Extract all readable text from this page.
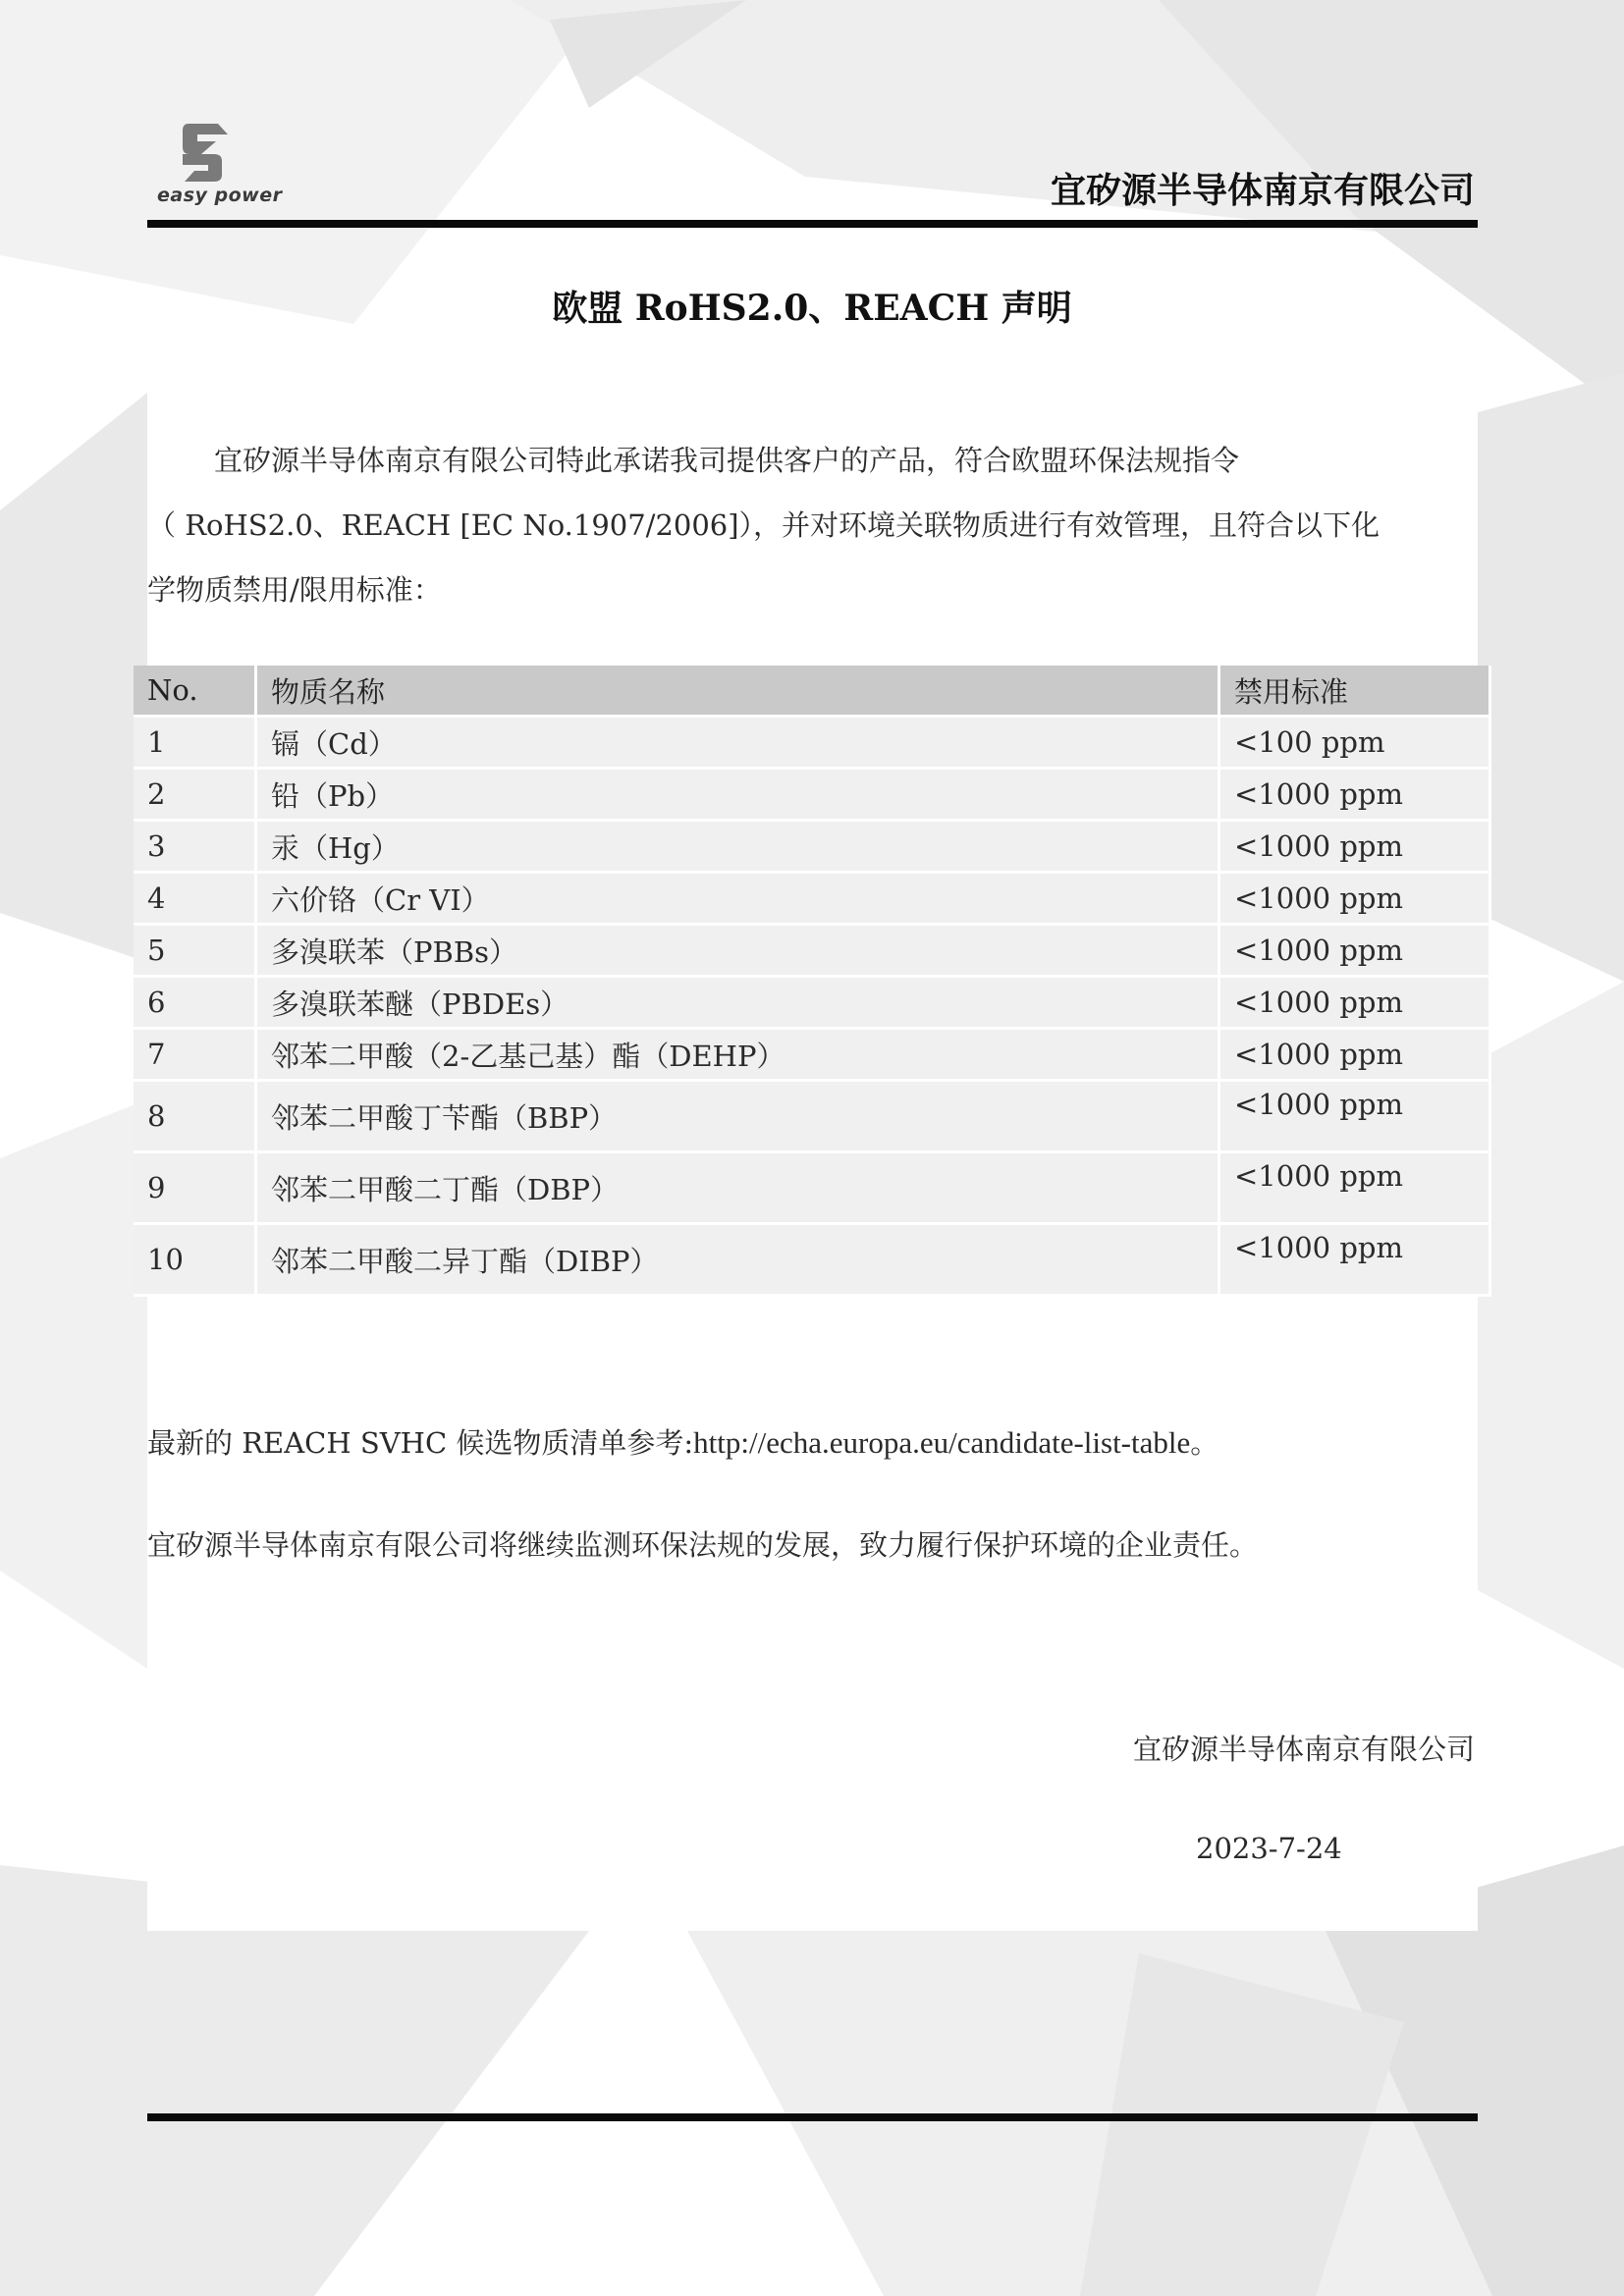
easy power	宜矽源半导体南京有限公司
欧盟 RoHS2.0、REACH 声明

宜矽源半导体南京有限公司特此承诺我司提供客户的产品，符合欧盟环保法规指令

（ RoHS2.0、REACH [EC No.1907/2006]），并对环境关联物质进行有效管理，且符合以下化

学物质禁用/限用标准：

No.	物质名称	禁用标准
1	镉（Cd）	<100 ppm
2	铅（Pb）	<1000 ppm
3	汞（Hg）	<1000 ppm
4	六价铬（Cr VI）	<1000 ppm
5	多溴联苯（PBBs）	<1000 ppm
6	多溴联苯醚（PBDEs）	<1000 ppm
7	邻苯二甲酸（2-乙基己基）酯（DEHP）	<1000 ppm
8	邻苯二甲酸丁苄酯（BBP）	<1000 ppm
9	邻苯二甲酸二丁酯（DBP）	<1000 ppm
10	邻苯二甲酸二异丁酯（DIBP）	<1000 ppm
最新的 REACH SVHC 候选物质清单参考:http://echa.europa.eu/candidate-list-table。
宜矽源半导体南京有限公司将继续监测环保法规的发展，致力履行保护环境的企业责任。
宜矽源半导体南京有限公司
2023-7-24
